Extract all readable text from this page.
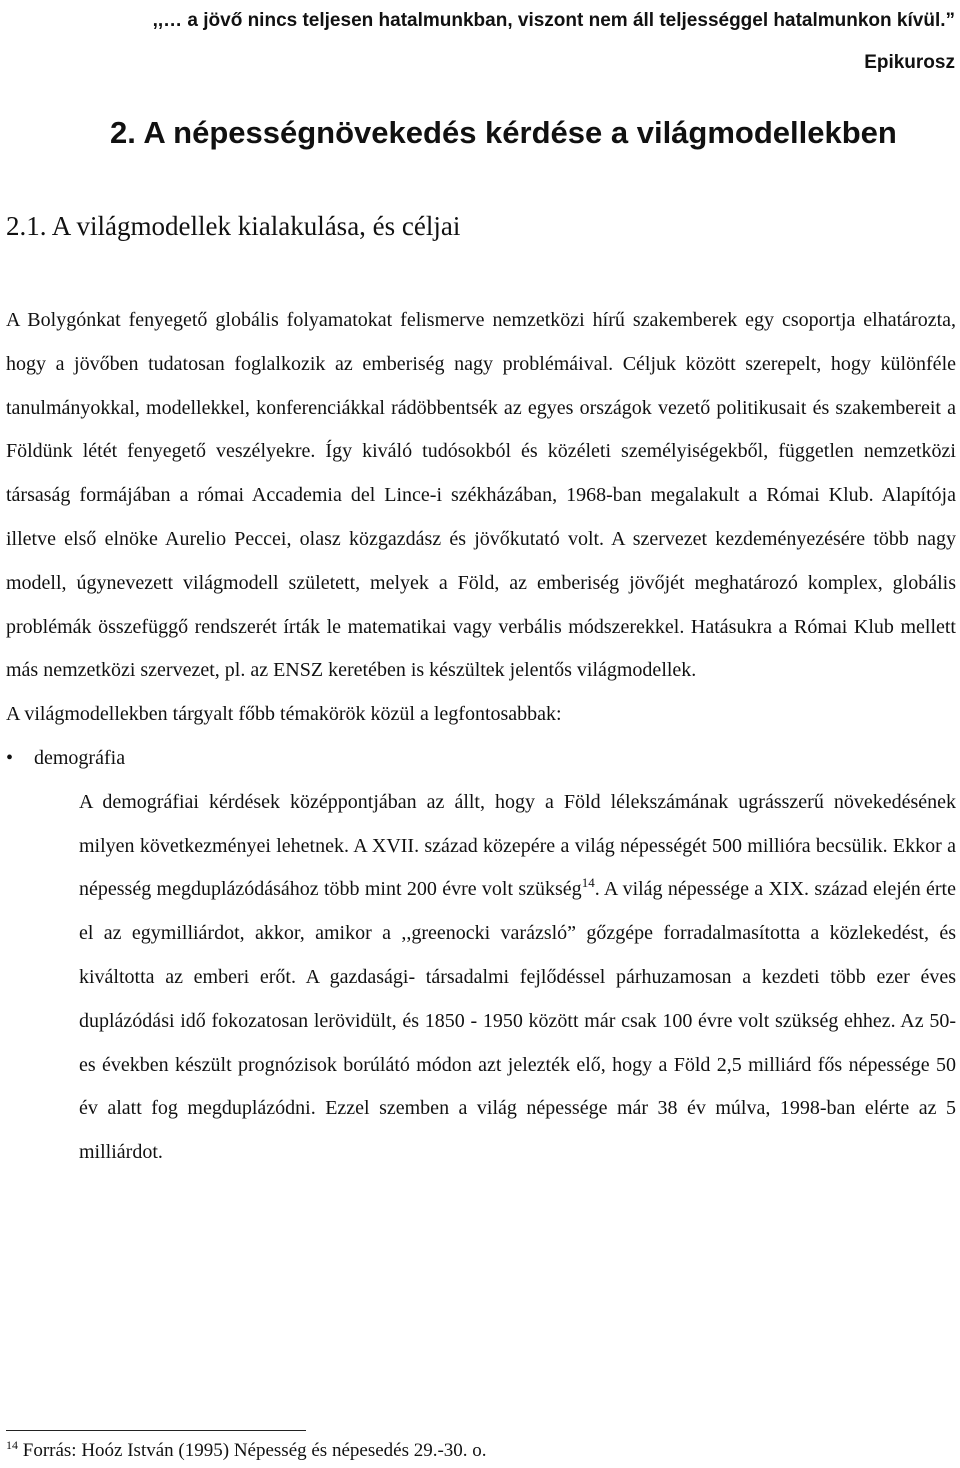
,,… a jövő nincs teljesen hatalmunkban, viszont nem áll teljességgel hatalmunkon kívül.”
Epikurosz
2. A népességnövekedés kérdése a világmodellekben
2.1. A világmodellek kialakulása, és céljai

A Bolygónkat fenyegető globális folyamatokat felismerve nemzetközi hírű szakemberek egy csoportja elhatározta, hogy a jövőben tudatosan foglalkozik az emberiség nagy problémáival. Céljuk között szerepelt, hogy különféle tanulmányokkal, modellekkel, konferenciákkal rádöbbentsék az egyes országok vezető politikusait és szakembereit a Földünk létét fenyegető veszélyekre. Így kiváló tudósokból és közéleti személyiségekből, független nemzetközi társaság formájában a római Accademia del Lince-i székházában, 1968-ban megalakult a Római Klub. Alapítója illetve első elnöke Aurelio Peccei, olasz közgazdász és jövőkutató volt. A szervezet kezdeményezésére több nagy modell, úgynevezett világmodell született, melyek a Föld, az emberiség jövőjét meghatározó komplex, globális problémák összefüggő rendszerét írták le matematikai vagy verbális módszerekkel. Hatásukra a Római Klub mellett más nemzetközi szervezet, pl. az ENSZ keretében is készültek jelentős világmodellek.

A világmodellekben tárgyalt főbb témakörök közül a legfontosabbak:

•	demográfia

A demográfiai kérdések középpontjában az állt, hogy a Föld lélekszámának ugrásszerű növekedésének milyen következményei lehetnek. A XVII. század közepére a világ népességét 500 millióra becsülik. Ekkor a népesség megduplázódásához több mint 200 évre volt szükség$^{14}$. A világ népessége a XIX. század elején érte el az egymilliárdot, akkor, amikor a ,,greenocki varázsló” gőzgépe forradalmasította a közlekedést, és kiváltotta az emberi erőt. A gazdasági- társadalmi fejlődéssel párhuzamosan a kezdeti több ezer éves duplázódási idő fokozatosan lerövidült, és 1850 - 1950 között már csak 100 évre volt szükség ehhez. Az 50-es években készült prognózisok borúlátó módon azt jelezték elő, hogy a Föld 2,5 milliárd fős népessége 50 év alatt fog megduplázódni. Ezzel szemben a világ népessége már 38 év múlva, 1998-ban elérte az 5 milliárdot.

$^{14}$ Forrás: Hoóz István (1995) Népesség és népesedés 29.-30. o.
